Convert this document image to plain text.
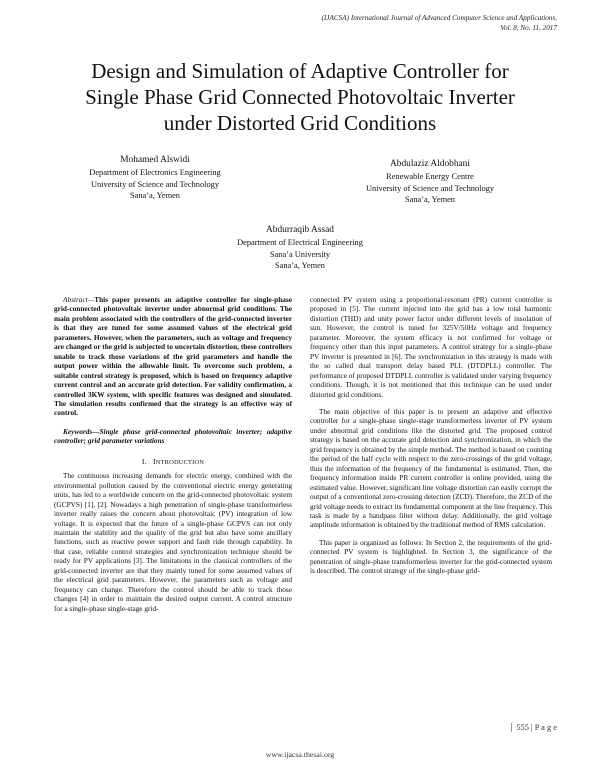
(IJACSA) International Journal of Advanced Computer Science and Applications,
Vol. 8, No. 11, 2017
Design and Simulation of Adaptive Controller for
Single Phase Grid Connected Photovoltaic Inverter
under Distorted Grid Conditions
Mohamed Alswidi
Department of Electronics Engineering
University of Science and Technology
Sana’a, Yemen
Abdulaziz Aldobhani
Renewable Energy Centre
University of Science and Technology
Sana’a, Yemen
Abdurraqib Assad
Department of Electrical Engineering
Sana’a University
Sana’a, Yemen

Abstract—This paper presents an adaptive controller for single-phase grid-connected photovoltaic inverter under abnormal grid conditions. The main problem associated with the controllers of the grid-connected inverter is that they are tuned for some assumed values of the electrical grid parameters. However, when the parameters, such as voltage and frequency are changed or the grid is subjected to uncertain distortion, these controllers unable to track those variations of the grid parameters and handle the output power within the allowable limit. To overcome such problem, a suitable control strategy is proposed, which is based on frequency adaptive current control and an accurate grid detection. For validity confirmation, a controlled 3KW system, with specific features was designed and simulated. The simulation results confirmed that the strategy is an effective way of control.

Keywords—Single phase grid-connected photovoltaic inverter; adaptive controller; grid parameter variations

I. INTRODUCTION

The continuous increasing demands for electric energy, combined with the environmental pollution caused by the conventional electric energy generating units, has led to a worldwide concern on the grid-connected photovoltaic system (GCPVS) [1], [2]. Nowadays a high penetration of single-phase transformerless inverter really raises the concern about photovoltaic (PV) integration of low voltage. It is expected that the future of a single-phase GCPVS can not only maintain the stability and the quality of the grid but also have some ancillary functions, such as reactive power support and fault ride through capability. In that case, reliable control strategies and synchronization technique should be ready for PV applications [3]. The limitations in the classical controllers of the grid-connected inverter are that they mainly tuned for some assumed values of the electrical grid parameters. However, the parameters such as voltage and frequency can change. Therefore the control should be able to track those changes [4] in order to maintain the desired output current. A control structure for a single-phase single-stage grid-

connected PV system using a proportional-resonant (PR) current controller is proposed in [5]. The current injected into the grid has a low total harmonic distortion (THD) and unity power factor under different levels of insolation of sun. However, the control is tuned for 325V/50Hz voltage and frequency parameter. Moreover, the system efficacy is not confirmed for voltage or frequency other than this input parameters. A control strategy for a single-phase PV inverter is presented in [6]. The synchronization in this strategy is made with the so called dual transport delay based PLL (DTDPLL) controller. The performance of proposed DTDPLL controller is validated under varying frequency conditions. Though, it is not mentioned that this technique can be used under distorted grid conditions.

The main objective of this paper is to present an adaptive and effective controller for a single-phase single-stage transformerless inverter of PV system under abnormal grid conditions like the distorted grid. The proposed control strategy is based on the accurate grid detection and synchronization, in which the grid frequency is obtained by the simple method. The method is based on counting the period of the half cycle with respect to the zero-crossings of the grid voltage, thus the information of the frequency of the fundamental is estimated. Then, the frequency information inside PR current controller is online provided, using the estimated value. However, significant line voltage distortion can easily corrupt the output of a conventional zero-crossing detection (ZCD). Therefore, the ZCD of the grid voltage needs to extract its fundamental component at the line frequency. This task is made by a bandpass filter without delay. Additionally, the grid voltage amplitude information is obtained by the traditional method of RMS calculation.

This paper is organized as follows: In Section 2, the requirements of the grid-connected PV system is highlighted. In Section 3, the significance of the penetration of single-phase transformerless inverter for the grid-connected system is described. The control strategy of the single-phase grid-

555 | P a g e
www.ijacsa.thesai.org
